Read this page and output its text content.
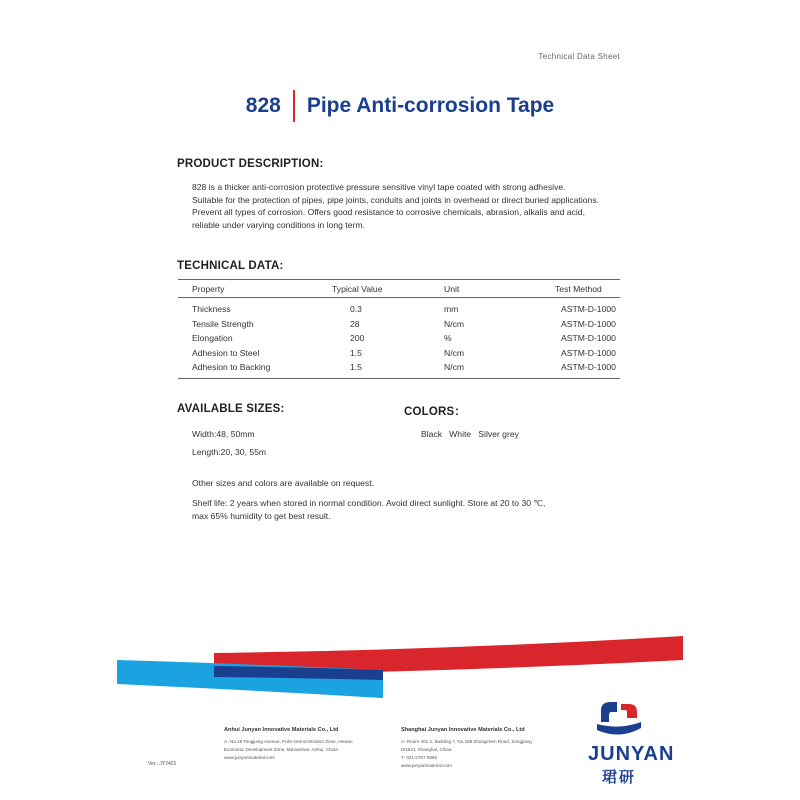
Technical Data Sheet
828 Pipe Anti-corrosion Tape
PRODUCT DESCRIPTION:
828 is a thicker anti-corrosion protective pressure sensitive vinyl tape coated with strong adhesive.
Suitable for the protection of pipes, pipe joints, conduits and joints in overhead or direct buried applications.
Prevent all types of corrosion. Offers good resistance to corrosive chemicals, abrasion, alkalis and acid,
reliable under varying conditions in long term.
TECHNICAL DATA:
Property	Typical Value	Unit	Test Method
Thickness	0.3	mm	ASTM-D-1000
Tensile Strength	28	N/cm	ASTM-D-1000
Elongation	200	%	ASTM-D-1000
Adhesion to Steel	1.5	N/cm	ASTM-D-1000
Adhesion to Backing	1.5	N/cm	ASTM-D-1000
AVAILABLE SIZES:
Width:48, 50mm
Length:20, 30, 55m
COLORS：
Black   White   Silver grey
Other sizes and colors are available on request.
Shelf life: 2 years when stored in normal condition. Avoid direct sunlight. Store at 20 to 30 ℃,
max 65% humidity to get best result.
Anhui Junyan Innovative Materials Co., Ltd
A- No.18 Tongjiang Avenue, Puhe Demonstration Zone, Hexian
Economic Development Zone, Ma'anshan, Anhui, China
www.junyanmaterial.com
Shanghai Junyan Innovative Materials Co., Ltd
A- Room 401-1, Building 7, No.188 Zhongchen Road, Songjiang
District, Shanghai, China
T- 021 5767 0865
www.junyanmaterial.com
Ver.: JY2401	JUNYAN
珺研
